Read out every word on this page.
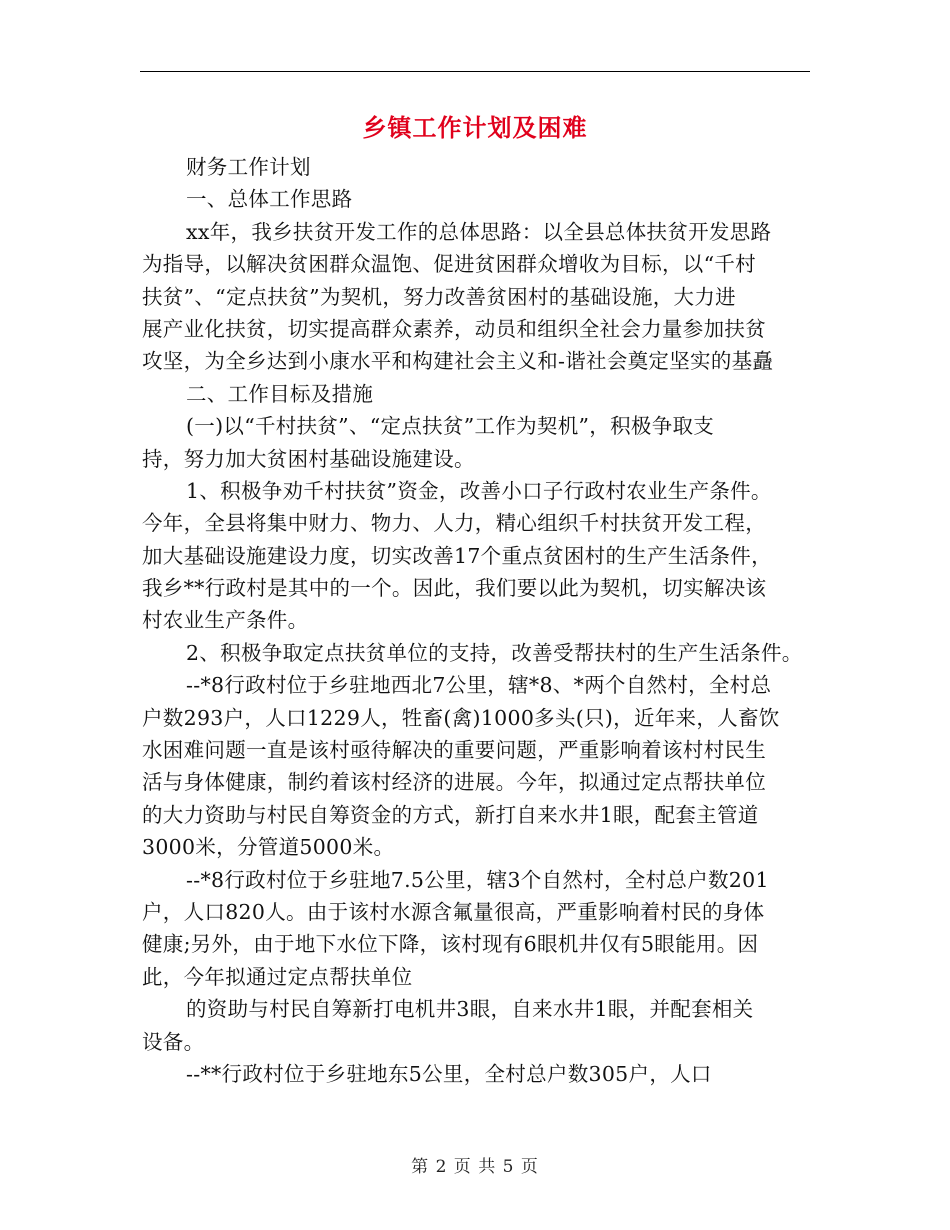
乡镇工作计划及困难
财务工作计划
一、总体工作思路
xx年，我乡扶贫开发工作的总体思路：以全县总体扶贫开发思路
为指导，以解决贫困群众温饱、促进贫困群众增收为目标，以“千村
扶贫”、“定点扶贫”为契机，努力改善贫困村的基础设施，大力进
展产业化扶贫，切实提高群众素养，动员和组织全社会力量参加扶贫
攻坚，为全乡达到小康水平和构建社会主义和-谐社会奠定坚实的基矗
二、工作目标及措施
(一)以“千村扶贫”、“定点扶贫”工作为契机”，积极争取支
持，努力加大贫困村基础设施建设。
1、积极争劝千村扶贫”资金，改善小口子行政村农业生产条件。
今年，全县将集中财力、物力、人力，精心组织千村扶贫开发工程，
加大基础设施建设力度，切实改善17个重点贫困村的生产生活条件，
我乡**行政村是其中的一个。因此，我们要以此为契机，切实解决该
村农业生产条件。
2、积极争取定点扶贫单位的支持，改善受帮扶村的生产生活条件。
--*8行政村位于乡驻地西北7公里，辖*8、*两个自然村，全村总
户数293户，人口1229人，牲畜(禽)1000多头(只)，近年来，人畜饮
水困难问题一直是该村亟待解决的重要问题，严重影响着该村村民生
活与身体健康，制约着该村经济的进展。今年，拟通过定点帮扶单位
的大力资助与村民自筹资金的方式，新打自来水井1眼，配套主管道
3000米，分管道5000米。
--*8行政村位于乡驻地7.5公里，辖3个自然村，全村总户数201
户，人口820人。由于该村水源含氟量很高，严重影响着村民的身体
健康;另外，由于地下水位下降，该村现有6眼机井仅有5眼能用。因
此，今年拟通过定点帮扶单位
的资助与村民自筹新打电机井3眼，自来水井1眼，并配套相关
设备。
--**行政村位于乡驻地东5公里，全村总户数305户，人口
第 2 页 共 5 页
